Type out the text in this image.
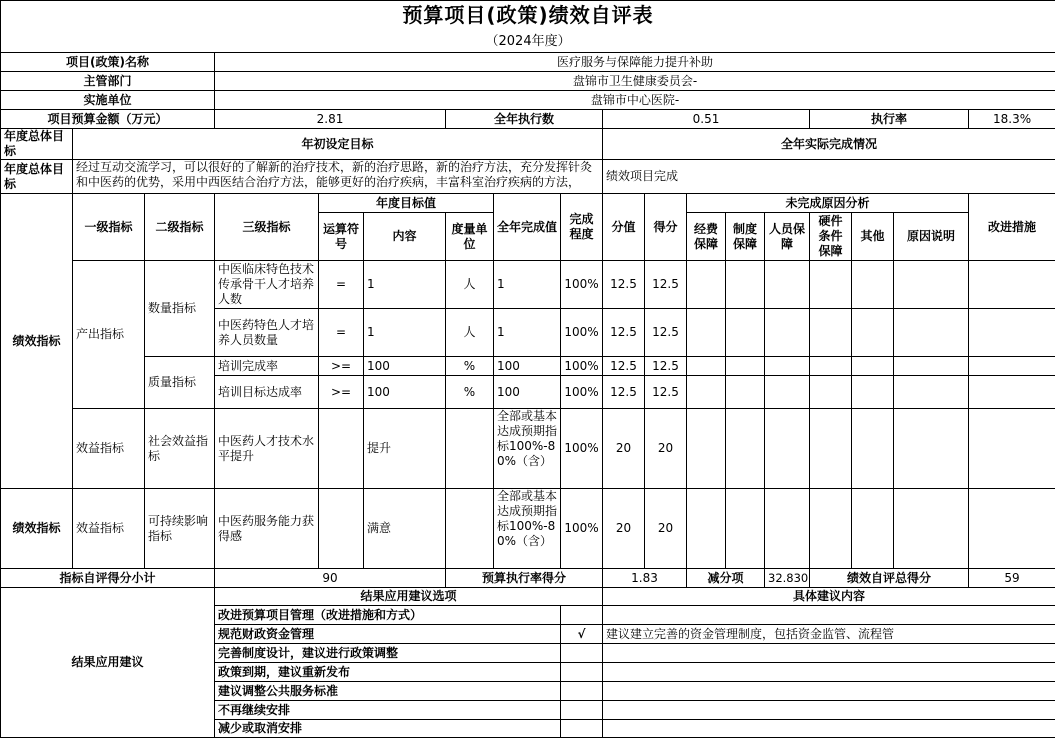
预算项目(政策)绩效自评表																	
（2024年度）																	
项目(政策)名称			医疗服务与保障能力提升补助														
主管部门			盘锦市卫生健康委员会-														
实施单位			盘锦市中心医院-														
项目预算金额（万元）			2.81			全年执行数			0.51					执行率			18.3%
年度总体目标	年初设定目标								全年实际完成情况								
年度总体目标	经过互动交流学习，可以很好的了解新的治疗技术，新的治疗思路，新的治疗方法，充分发挥针灸和中医药的优势，采用中西医结合治疗方法，能够更好的治疗疾病，丰富科室治疗疾病的方法，								绩效项目完成								
绩效指标	一级指标	二级指标	三级指标	年度目标值			全年完成值	完成程度	分值	得分	未完成原因分析						改进措施
				运算符号	内容	度量单位					经费保障	制度保障	人员保障	硬件条件保障	其他	原因说明	

	产出指标	数量指标	中医临床特色技术传承骨干人才培养人数	=	1	人	1	100%	12.5	12.5							
			中医药特色人才培养人员数量	=	1	人	1	100%	12.5	12.5							
		质量指标	培训完成率	>=	100	%	100	100%	12.5	12.5							
			培训目标达成率	>=	100	%	100	100%	12.5	12.5							
	效益指标	社会效益指标	中医药人才技术水平提升		提升		全部或基本达成预期指标100%-80%（含）	100%	20	20							
绩效指标	效益指标	可持续影响指标	中医药服务能力获得感		满意		全部或基本达成预期指标100%-80%（含）	100%	20	20							
指标自评得分小计			90			预算执行率得分			1.83		减分项		32.830	绩效自评总得分			59
结果应用建议			结果应用建议选项						具体建议内容								
			改进预算项目管理（改进措施和方式）														
			规范财政资金管理					√	建议建立完善的资金管理制度，包括资金监管、流程管								
			完善制度设计，建议进行政策调整														
			政策到期，建议重新发布														
			建议调整公共服务标准														
			不再继续安排														
			减少或取消安排														
